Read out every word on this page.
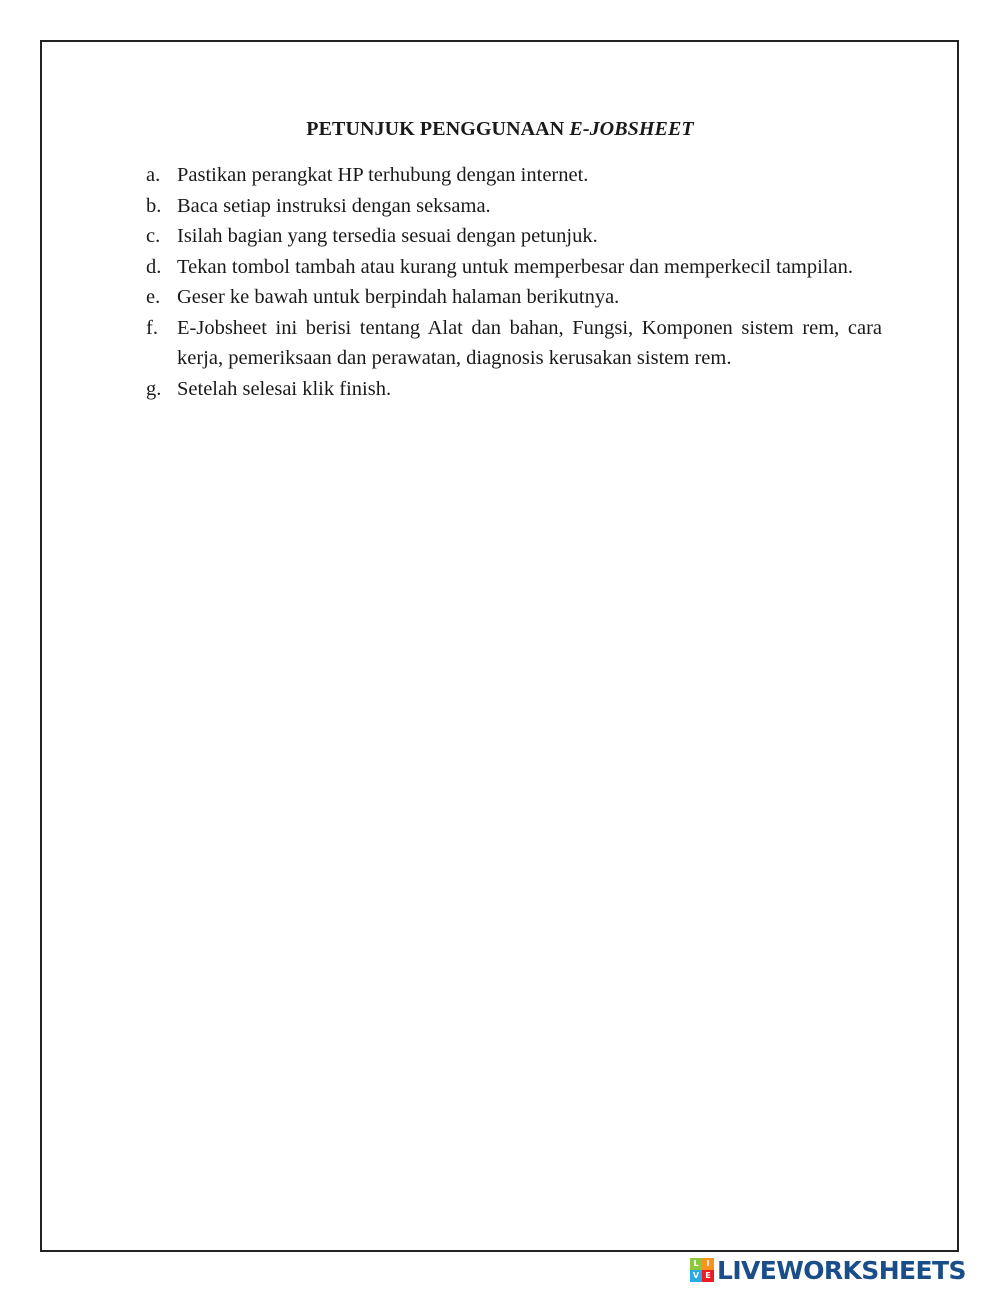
PETUNJUK PENGGUNAAN E-JOBSHEET
a. Pastikan perangkat HP terhubung dengan internet.
b. Baca setiap instruksi dengan seksama.
c. Isilah bagian yang tersedia sesuai dengan petunjuk.
d. Tekan tombol tambah atau kurang untuk memperbesar dan memperkecil tampilan.
e. Geser ke bawah untuk berpindah halaman berikutnya.
f. E-Jobsheet ini berisi tentang Alat dan bahan, Fungsi, Komponen sistem rem, cara kerja, pemeriksaan dan perawatan, diagnosis kerusakan sistem rem.
g. Setelah selesai klik finish.
L I
V E LIVEWORKSHEETS
